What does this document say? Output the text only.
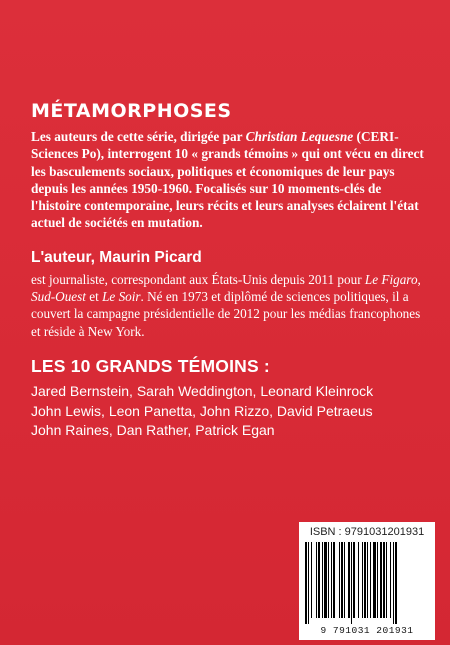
MÉTAMORPHOSES

Les auteurs de cette série, dirigée par Christian Lequesne (CERI-Sciences Po), interrogent 10 « grands témoins » qui ont vécu en direct les basculements sociaux, politiques et économiques de leur pays depuis les années 1950-1960. Focalisés sur 10 moments-clés de l'histoire contemporaine, leurs récits et leurs analyses éclairent l'état actuel de sociétés en mutation.

L'auteur, Maurin Picard

est journaliste, correspondant aux États-Unis depuis 2011 pour Le Figaro, Sud-Ouest et Le Soir. Né en 1973 et diplômé de sciences politiques, il a couvert la campagne présidentielle de 2012 pour les médias francophones et réside à New York.

LES 10 GRANDS TÉMOINS :

Jared Bernstein, Sarah Weddington, Leonard Kleinrock

John Lewis, Leon Panetta, John Rizzo, David Petraeus

John Raines, Dan Rather, Patrick Egan

ISBN : 9791031201931
9 791031 201931
